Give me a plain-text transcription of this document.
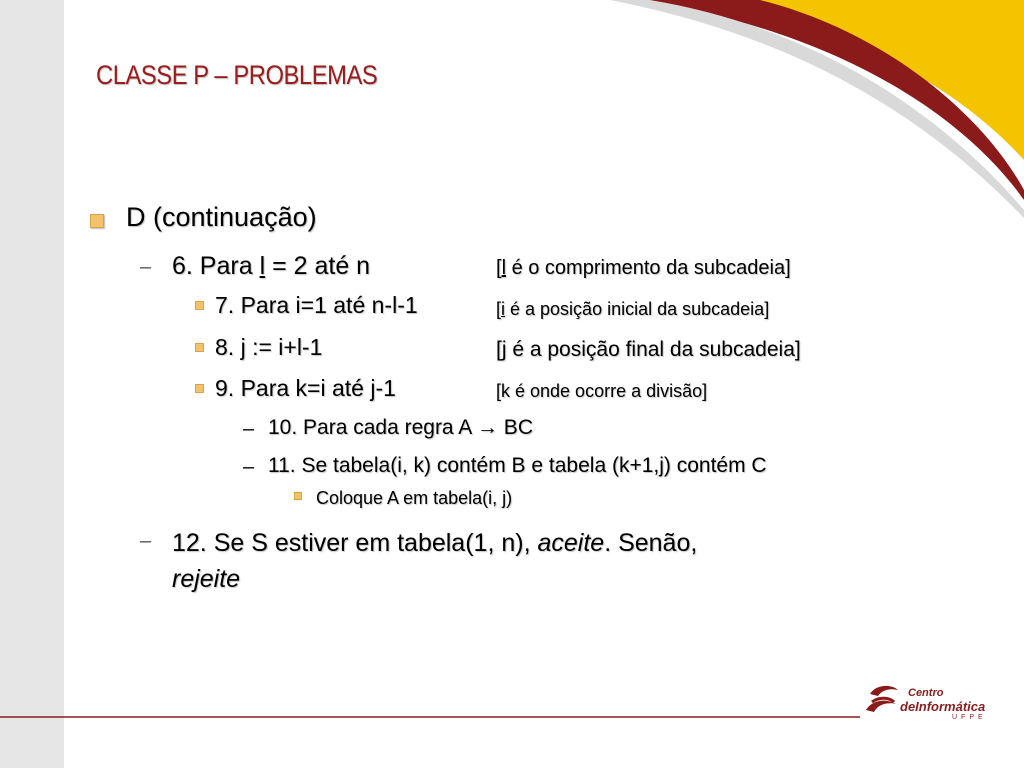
CLASSE P – PROBLEMAS
D (continuação)
– 6. Para l = 2 até n	[l é o comprimento da subcadeia]
7. Para i=1 até n-l-1	[i é a posição inicial da subcadeia]
8. j := i+l-1	[j é a posição final da subcadeia]
9. Para k=i até j-1	[k é onde ocorre a divisão]
– 10. Para cada regra A → BC
– 11. Se tabela(i, k) contém B e tabela (k+1,j) contém C
Coloque A em tabela(i, j)
– 12. Se S estiver em tabela(1, n), aceite. Senão,
rejeite
Centro
deInformática
UFPE
